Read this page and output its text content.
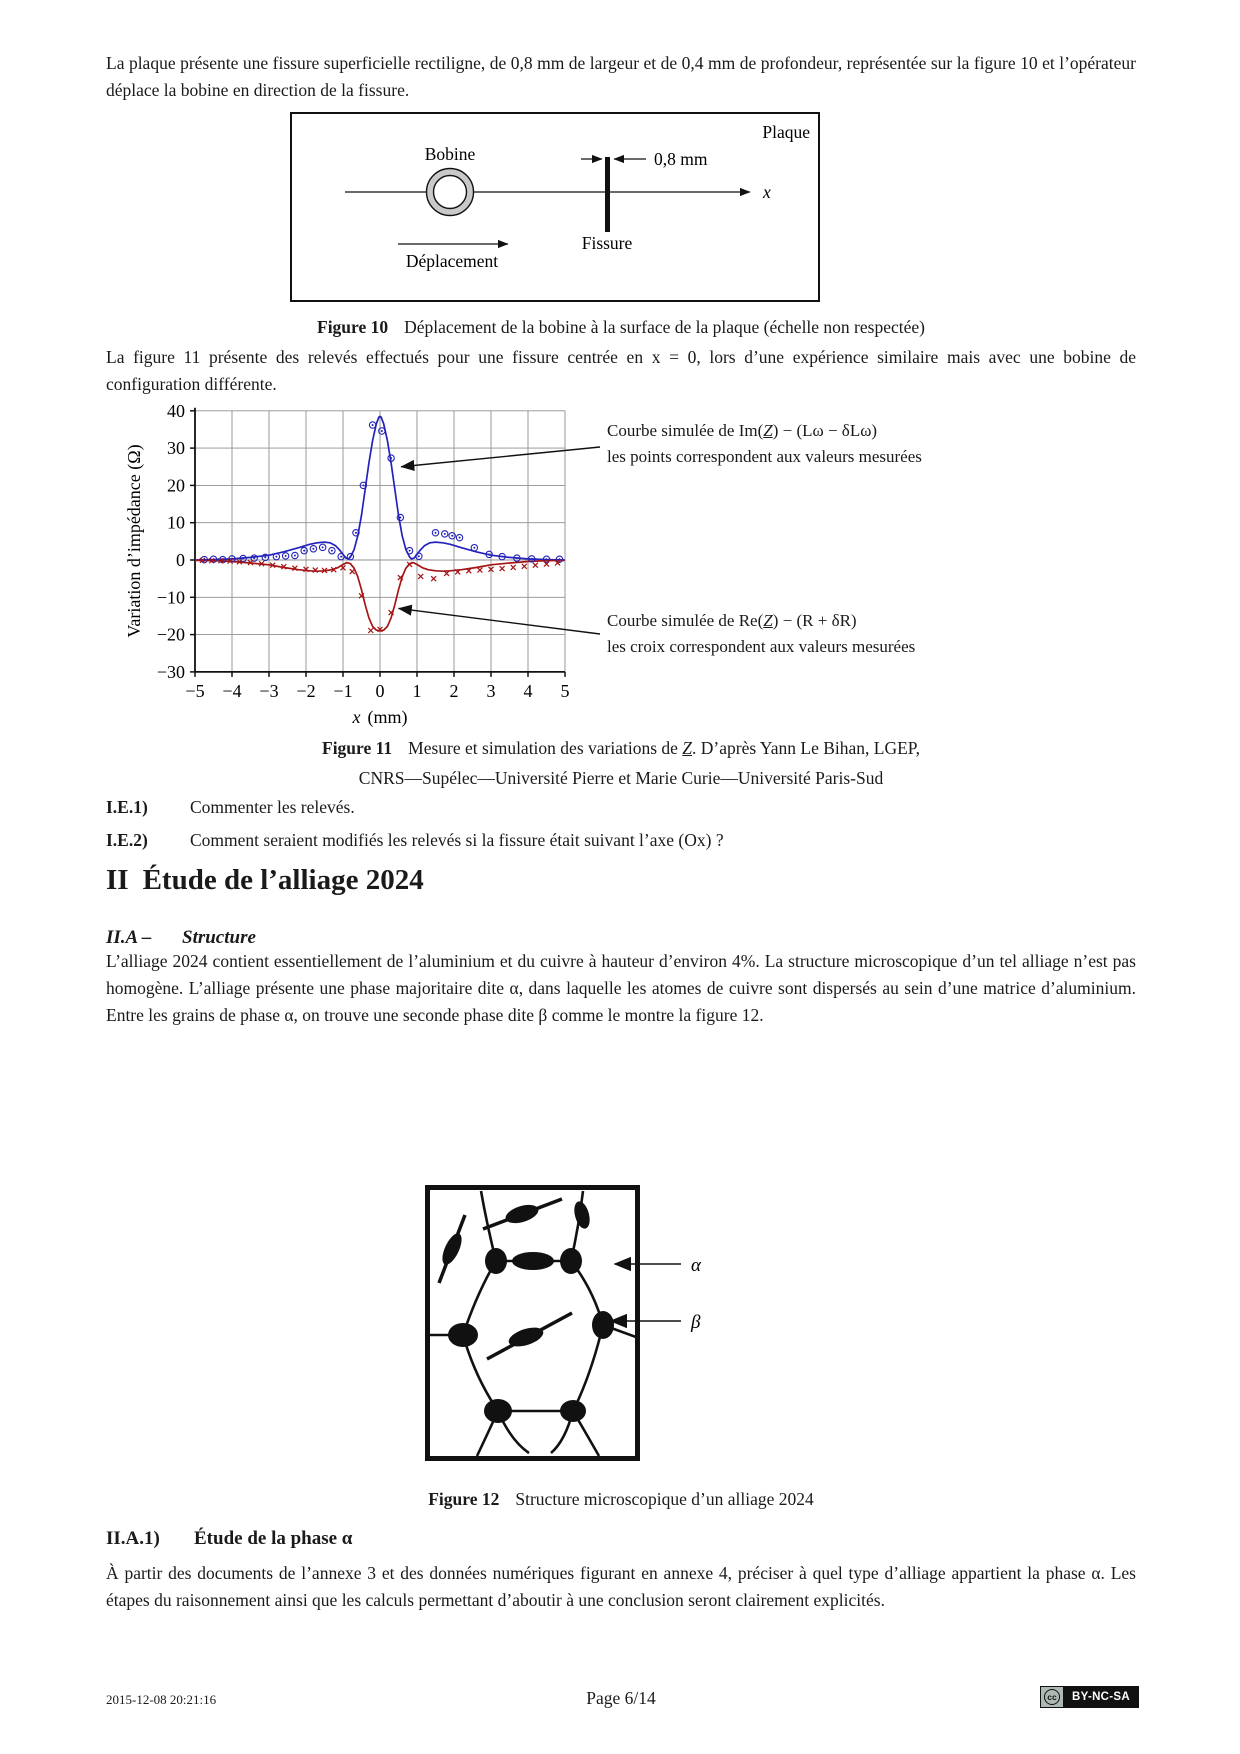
La plaque présente une fissure superficielle rectiligne, de 0,8 mm de largeur et de 0,4 mm de profondeur, représentée sur la figure 10 et l’opérateur déplace la bobine en direction de la fissure.
Plaque
x
Bobine	0,8 mm
Fissure
Déplacement
Figure 10 Déplacement de la bobine à la surface de la plaque (échelle non respectée)
La figure 11 présente des relevés effectués pour une fissure centrée en x = 0, lors d’une expérience similaire mais avec une bobine de configuration différente.
−30
−20
−10
0
10
20
30
40
−5 −4 −3 −2 −1 0 1 2 3 4 5
Variation d’impédance (Ω)
x (mm)
Courbe simulée de Im(Z) − (Lω − δLω)
les points correspondent aux valeurs mesurées
Courbe simulée de Re(Z) − (R + δR)
les croix correspondent aux valeurs mesurées
Figure 11 Mesure et simulation des variations de Z. D’après Yann Le Bihan, LGEP,
CNRS—Supélec—Université Pierre et Marie Curie—Université Paris-Sud
I.E.1) Commenter les relevés.
I.E.2) Comment seraient modifiés les relevés si la fissure était suivant l’axe (Ox) ?
II Étude de l’alliage 2024
II.A – Structure
L’alliage 2024 contient essentiellement de l’aluminium et du cuivre à hauteur d’environ 4%. La structure microscopique d’un tel alliage n’est pas homogène. L’alliage présente une phase majoritaire dite α, dans laquelle les atomes de cuivre sont dispersés au sein d’une matrice d’aluminium. Entre les grains de phase α, on trouve une seconde phase dite β comme le montre la figure 12.
α
β
Figure 12 Structure microscopique d’un alliage 2024
II.A.1) Étude de la phase α
À partir des documents de l’annexe 3 et des données numériques figurant en annexe 4, préciser à quel type d’alliage appartient la phase α. Les étapes du raisonnement ainsi que les calculs permettant d’aboutir à une conclusion seront clairement explicités.
2015-12-08 20:21:16	Page 6/14	cc	BY-NC-SA
